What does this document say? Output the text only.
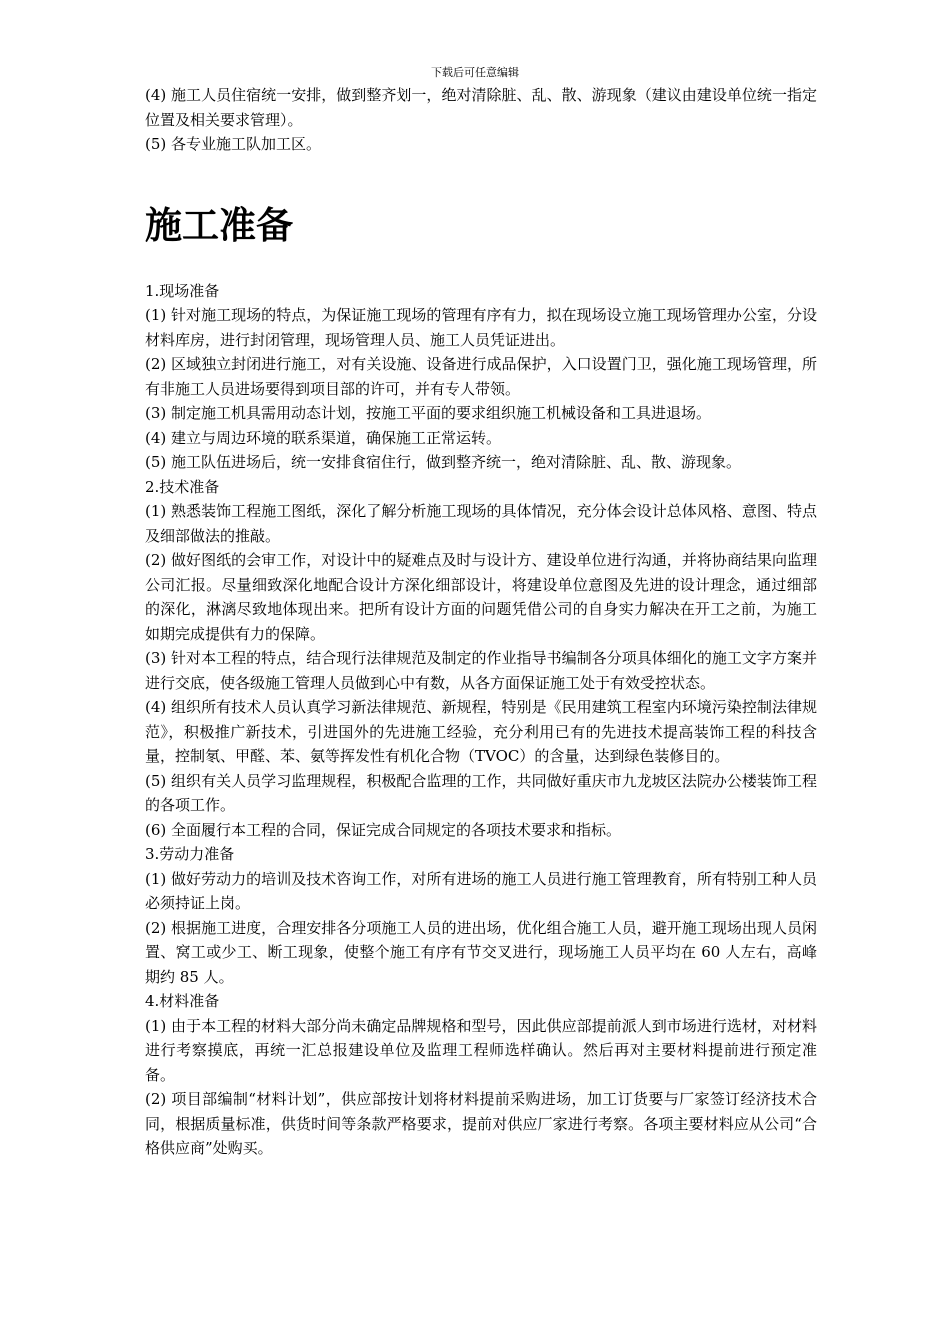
下载后可任意编辑

(4) 施工人员住宿统一安排，做到整齐划一，绝对清除脏、乱、散、游现象（建议由建设单位统一指定位置及相关要求管理）。

(5) 各专业施工队加工区。

施工准备

1.现场准备

(1) 针对施工现场的特点，为保证施工现场的管理有序有力，拟在现场设立施工现场管理办公室，分设材料库房，进行封闭管理，现场管理人员、施工人员凭证进出。

(2) 区域独立封闭进行施工，对有关设施、设备进行成品保护，入口设置门卫，强化施工现场管理，所有非施工人员进场要得到项目部的许可，并有专人带领。

(3) 制定施工机具需用动态计划，按施工平面的要求组织施工机械设备和工具进退场。

(4) 建立与周边环境的联系渠道，确保施工正常运转。

(5) 施工队伍进场后，统一安排食宿住行，做到整齐统一，绝对清除脏、乱、散、游现象。

2.技术准备

(1) 熟悉装饰工程施工图纸，深化了解分析施工现场的具体情况，充分体会设计总体风格、意图、特点及细部做法的推敲。

(2) 做好图纸的会审工作，对设计中的疑难点及时与设计方、建设单位进行沟通，并将协商结果向监理公司汇报。尽量细致深化地配合设计方深化细部设计，将建设单位意图及先进的设计理念，通过细部的深化，淋漓尽致地体现出来。把所有设计方面的问题凭借公司的自身实力解决在开工之前，为施工如期完成提供有力的保障。

(3) 针对本工程的特点，结合现行法律规范及制定的作业指导书编制各分项具体细化的施工文字方案并进行交底，使各级施工管理人员做到心中有数，从各方面保证施工处于有效受控状态。

(4) 组织所有技术人员认真学习新法律规范、新规程，特别是《民用建筑工程室内环境污染控制法律规范》，积极推广新技术，引进国外的先进施工经验，充分利用已有的先进技术提高装饰工程的科技含量，控制氡、甲醛、苯、氨等挥发性有机化合物（TVOC）的含量，达到绿色装修目的。

(5) 组织有关人员学习监理规程，积极配合监理的工作，共同做好重庆市九龙坡区法院办公楼装饰工程的各项工作。

(6) 全面履行本工程的合同，保证完成合同规定的各项技术要求和指标。

3.劳动力准备

(1) 做好劳动力的培训及技术咨询工作，对所有进场的施工人员进行施工管理教育，所有特别工种人员必须持证上岗。

(2) 根据施工进度，合理安排各分项施工人员的进出场，优化组合施工人员，避开施工现场出现人员闲置、窝工或少工、断工现象，使整个施工有序有节交叉进行，现场施工人员平均在 60 人左右，高峰期约 85 人。

4.材料准备

(1) 由于本工程的材料大部分尚未确定品牌规格和型号，因此供应部提前派人到市场进行选材，对材料进行考察摸底，再统一汇总报建设单位及监理工程师选样确认。然后再对主要材料提前进行预定准备。

(2) 项目部编制“材料计划”，供应部按计划将材料提前采购进场，加工订货要与厂家签订经济技术合同，根据质量标准，供货时间等条款严格要求，提前对供应厂家进行考察。各项主要材料应从公司“合格供应商”处购买。
